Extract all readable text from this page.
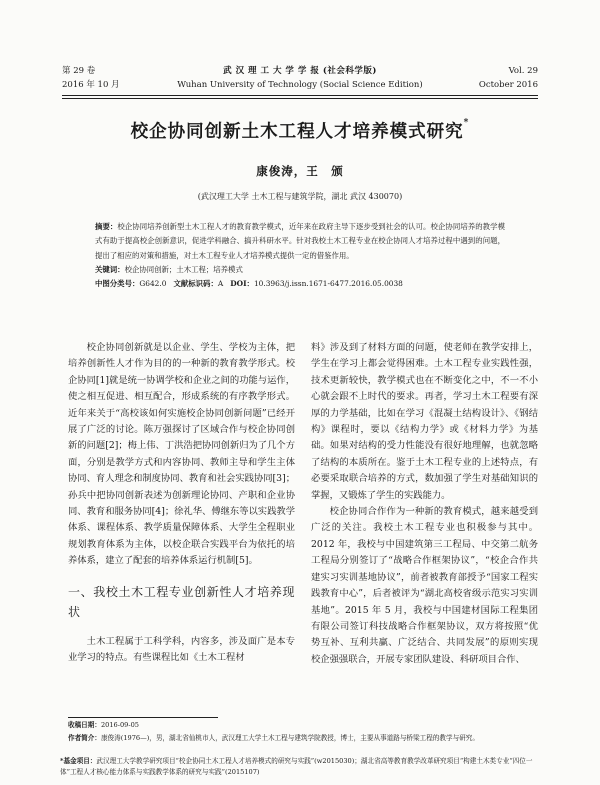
第 29 卷
2016 年 10 月
武 汉 理 工 大 学 学 报 (社会科学版)
Wuhan University of Technology (Social Science Edition)
Vol. 29
October 2016
校企协同创新土木工程人才培养模式研究*
康俊涛，王　颁
(武汉理工大学 土木工程与建筑学院，湖北 武汉 430070)
摘要：校企协同培养创新型土木工程人才的教育教学模式，近年来在政府主导下逐步受到社会的认可。校企协同培养的教学模式有助于提高校企创新意识，促进学科融合、搞升科研水平。针对我校土木工程专业在校企协同人才培养过程中遇到的问题，提出了相应的对策和措施，对土木工程专业人才培养模式提供一定的借鉴作用。
关键词：校企协同创新；土木工程；培养模式
中图分类号：G642.0 文献标识码：A DOI：10.3963/j.issn.1671-6477.2016.05.0038

校企协同创新就是以企业、学生、学校为主体，把培养创新性人才作为目的的一种新的教育教学形式。校企协同[1]就是统一协调学校和企业之间的功能与运作，使之相互促进、相互配合，形成系统的有序教学形式。近年来关于“高校该如何实施校企协同创新问题”已经开展了广泛的讨论。陈万强探讨了区域合作与校企协同创新的问题[2]；梅上伟、丁洪浩把协同创新归为了几个方面，分别是教学方式和内容协同、教师主导和学生主体协同、育人理念和制度协同、教育和社会实践协同[3]；孙兵中把协同创新表述为创新理论协同、产职和企业协同、教育和服务协同[4]；徐礼华、傅继东等以实践教学体系、课程体系、教学质量保障体系、大学生全程职业规划教育体系为主体，以校企联合实践平台为依托的培养体系，建立了配套的培养体系运行机制[5]。

一、我校土木工程专业创新性人才培养现状

土木工程属于工科学科，内容多，涉及面广是本专业学习的特点。有些课程比如《土木工程材

料》涉及到了材料方面的问题，使老师在教学安排上，学生在学习上都会觉得困难。土木工程专业实践性强，技术更新较快，教学模式也在不断变化之中，不一不小心就会跟不上时代的要求。再者，学习土木工程要有深厚的力学基础，比如在学习《混凝土结构设计》、《钢结构》课程时，要以《结构力学》或《材料力学》为基础。如果对结构的受力性能没有很好地理解，也就忽略了结构的本质所在。鉴于土木工程专业的上述特点，有必要采取联合培养的方式，数加强了学生对基础知识的掌握，又锻炼了学生的实践能力。

校企协同合作作为一种新的教育模式，越来越受到广泛的关注。我校土木工程专业也积极参与其中。2012 年，我校与中国建筑第三工程局、中交第二航务工程局分别签订了“战略合作框架协议”，“校企合作共建实习实训基地协议”，前者被教育部授予“国家工程实践教育中心”，后者被评为“湖北高校省级示范实习实训基地”。2015 年 5 月，我校与中国建材国际工程集团有限公司签订科技战略合作框架协议，双方将按照“优势互补、互利共赢、广泛结合、共同发展”的原则实现校企强强联合，开展专家团队建设、科研项目合作、

收稿日期：2016-09-05
作者简介：康俊涛(1976—)，男，湖北省仙桃市人，武汉理工大学土木工程与建筑学院教授，博士，主要从事道路与桥梁工程的教学与研究。
*基金项目：武汉理工大学教学研究项目“校企协同土木工程人才培养模式的研究与实践”(w2015030)；湖北省高等教育教学改革研究项目“构建土木类专业“四位一体”工程人才核心能力体系与实践教学体系的研究与实践”(2015107)
